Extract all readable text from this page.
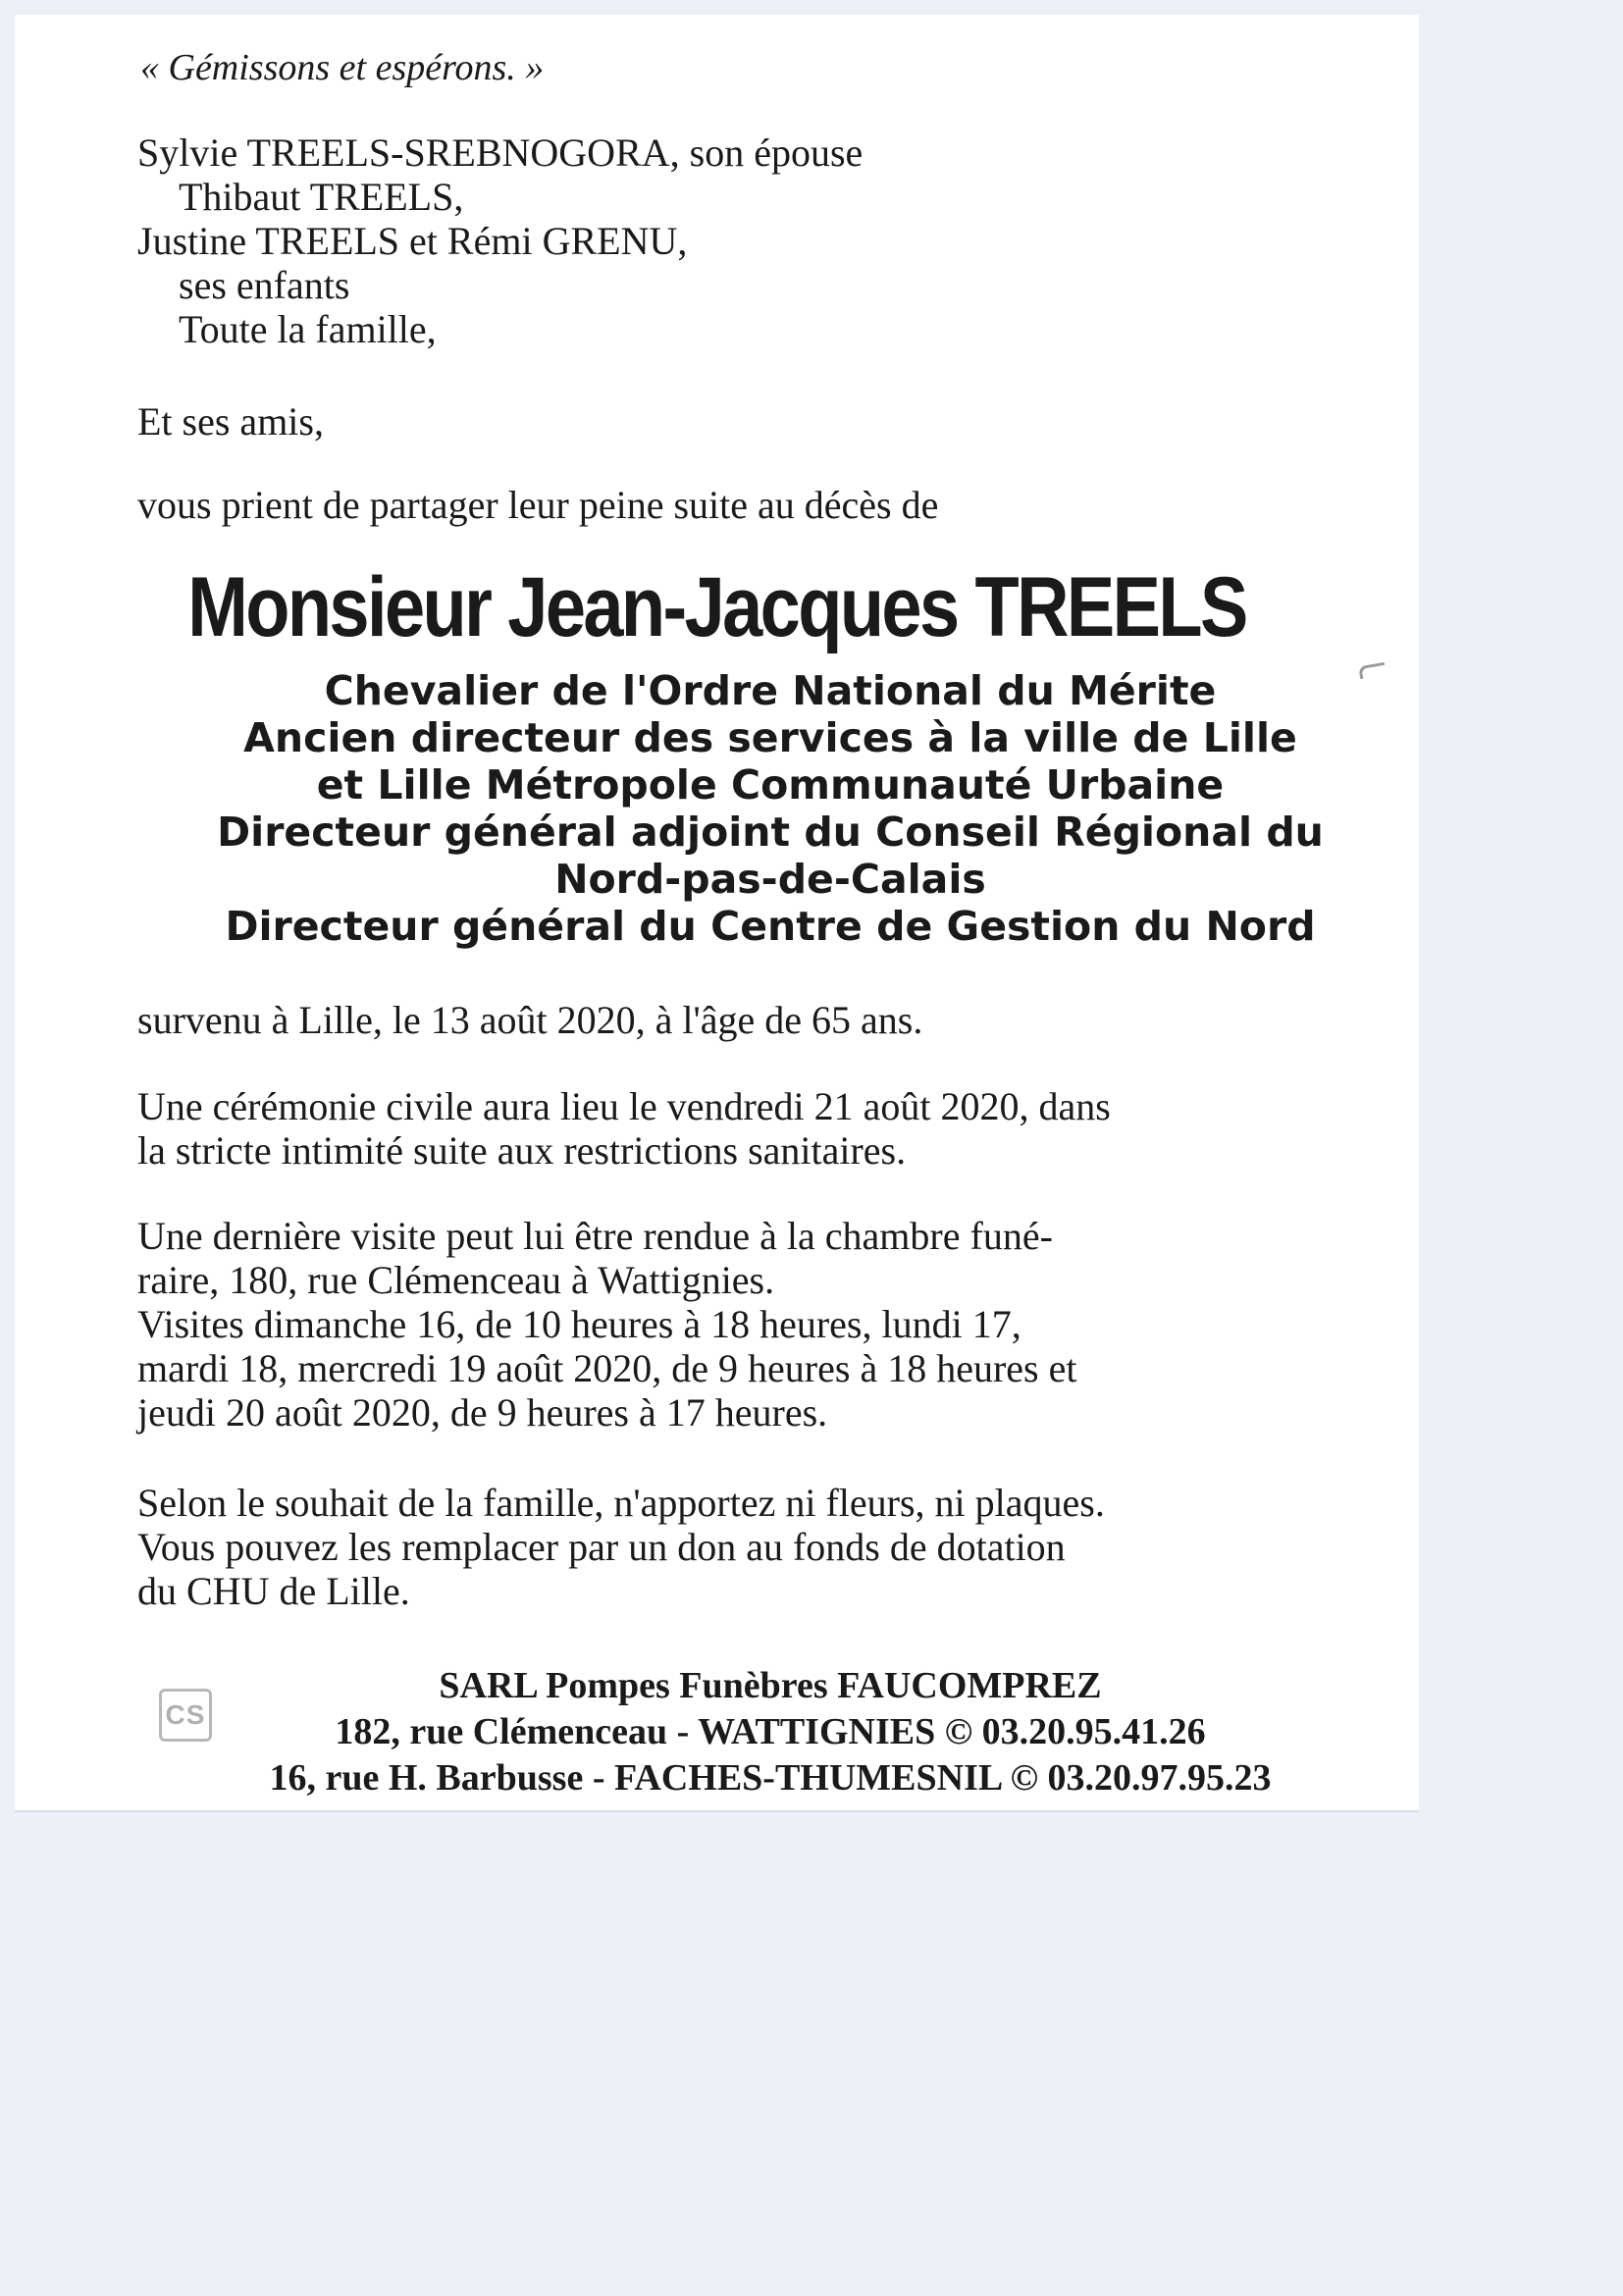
« Gémissons et espérons. »
Sylvie TREELS-SREBNOGORA, son épouse
Thibaut TREELS,
Justine TREELS et Rémi GRENU,
ses enfants
Toute la famille,
Et ses amis,
vous prient de partager leur peine suite au décès de
Monsieur Jean-Jacques TREELS
Chevalier de l'Ordre National du Mérite
Ancien directeur des services à la ville de Lille
et Lille Métropole Communauté Urbaine
Directeur général adjoint du Conseil Régional du
Nord-pas-de-Calais
Directeur général du Centre de Gestion du Nord
survenu à Lille, le 13 août 2020, à l'âge de 65 ans.
Une cérémonie civile aura lieu le vendredi 21 août 2020, dans
la stricte intimité suite aux restrictions sanitaires.
Une dernière visite peut lui être rendue à la chambre funé-
raire, 180, rue Clémenceau à Wattignies.
Visites dimanche 16, de 10 heures à 18 heures, lundi 17,
mardi 18, mercredi 19 août 2020, de 9 heures à 18 heures et
jeudi 20 août 2020, de 9 heures à 17 heures.
Selon le souhait de la famille, n'apportez ni fleurs, ni plaques.
Vous pouvez les remplacer par un don au fonds de dotation
du CHU de Lille.
SARL Pompes Funèbres FAUCOMPREZ
182, rue Clémenceau - WATTIGNIES © 03.20.95.41.26
16, rue H. Barbusse - FACHES-THUMESNIL © 03.20.97.95.23
CS
